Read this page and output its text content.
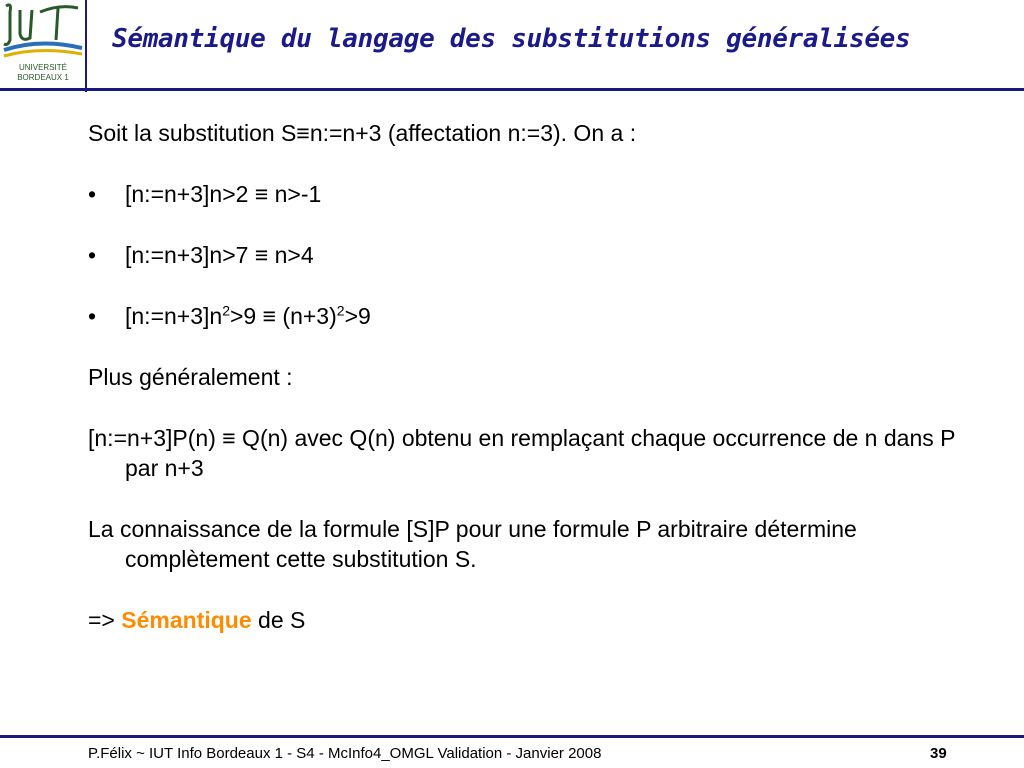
UNIVERSITÉ
BORDEAUX 1
Sémantique du langage des substitutions généralisées

Soit la substitution S≡n:=n+3 (affectation n:=3). On a :

• [n:=n+3]n>2 ≡ n>-1
• [n:=n+3]n>7 ≡ n>4
• $[n:=n+3]n^2>9 \equiv (n+3)^2>9$

Plus généralement :

[n:=n+3]P(n) ≡ Q(n) avec Q(n) obtenu en remplaçant chaque occurrence de n dans P par n+3

La connaissance de la formule [S]P pour une formule P arbitraire détermine complètement cette substitution S.

=> Sémantique de S

P.Félix ~ IUT Info Bordeaux 1 - S4 - McInfo4_OMGL Validation - Janvier 2008	39
